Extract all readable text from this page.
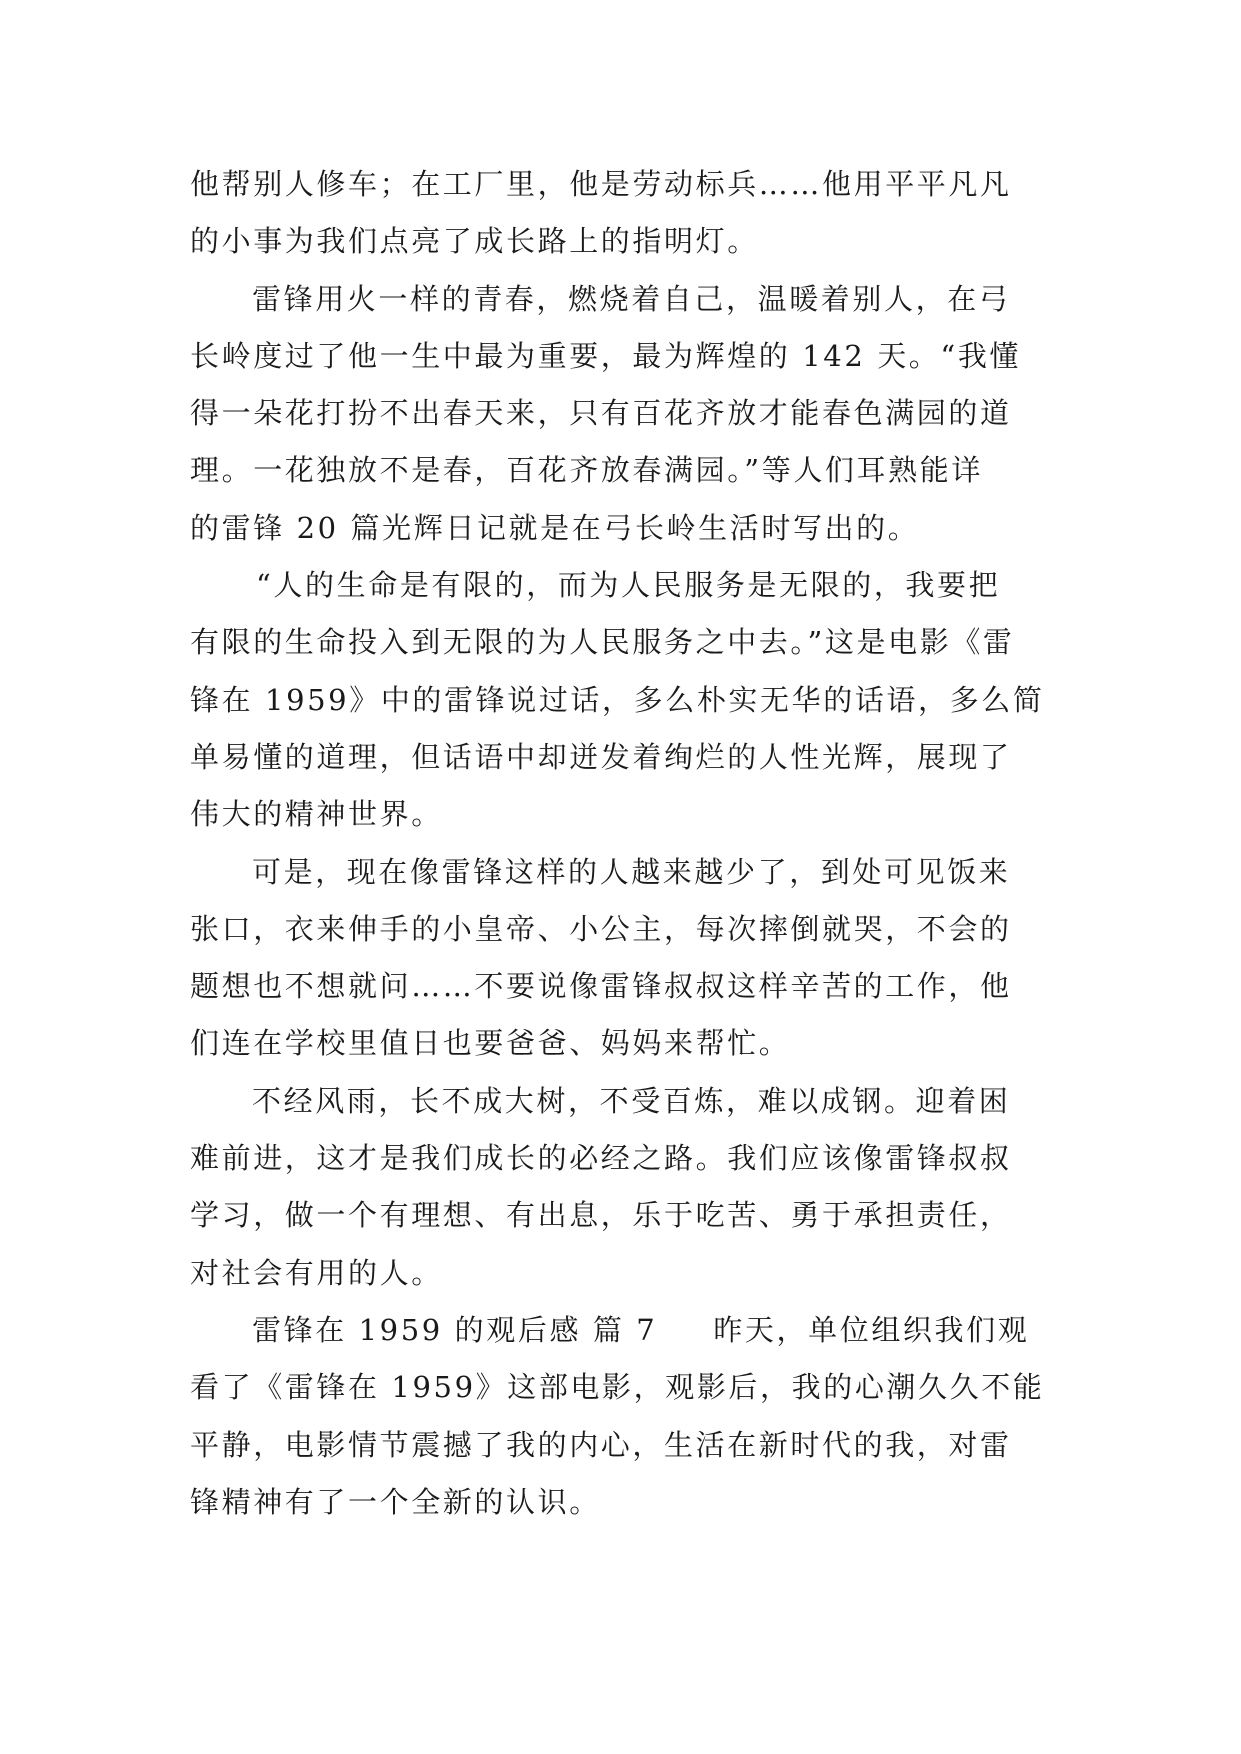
他帮别人修车；在工厂里，他是劳动标兵……他用平平凡凡
的小事为我们点亮了成长路上的指明灯。

雷锋用火一样的青春，燃烧着自己，温暖着别人，在弓
长岭度过了他一生中最为重要，最为辉煌的 142 天。“我懂
得一朵花打扮不出春天来，只有百花齐放才能春色满园的道
理。一花独放不是春，百花齐放春满园。”等人们耳熟能详
的雷锋 20 篇光辉日记就是在弓长岭生活时写出的。

“人的生命是有限的，而为人民服务是无限的，我要把
有限的生命投入到无限的为人民服务之中去。”这是电影《雷
锋在 1959》中的雷锋说过话，多么朴实无华的话语，多么简
单易懂的道理，但话语中却迸发着绚烂的人性光辉，展现了
伟大的精神世界。

可是，现在像雷锋这样的人越来越少了，到处可见饭来
张口，衣来伸手的小皇帝、小公主，每次摔倒就哭，不会的
题想也不想就问……不要说像雷锋叔叔这样辛苦的工作，他
们连在学校里值日也要爸爸、妈妈来帮忙。

不经风雨，长不成大树，不受百炼，难以成钢。迎着困
难前进，这才是我们成长的必经之路。我们应该像雷锋叔叔
学习，做一个有理想、有出息，乐于吃苦、勇于承担责任，
对社会有用的人。

雷锋在 1959 的观后感 篇 7 昨天，单位组织我们观
看了《雷锋在 1959》这部电影，观影后，我的心潮久久不能
平静，电影情节震撼了我的内心，生活在新时代的我，对雷
锋精神有了一个全新的认识。
